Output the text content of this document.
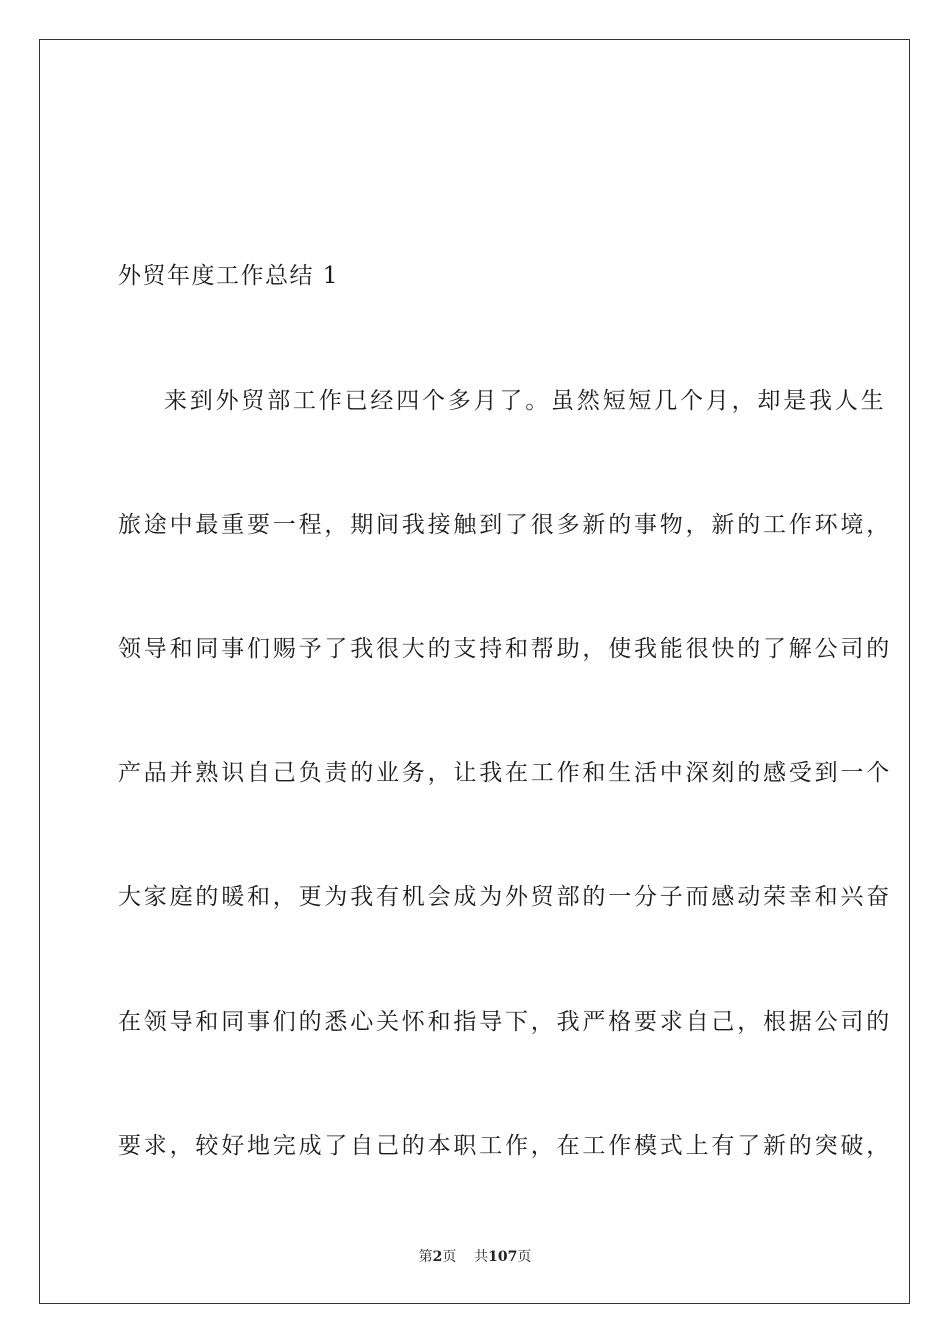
外贸年度工作总结 1
来到外贸部工作已经四个多月了。虽然短短几个月，却是我人生
旅途中最重要一程，期间我接触到了很多新的事物，新的工作环境，
领导和同事们赐予了我很大的支持和帮助，使我能很快的了解公司的
产品并熟识自己负责的业务，让我在工作和生活中深刻的感受到一个
大家庭的暖和，更为我有机会成为外贸部的一分子而感动荣幸和兴奋
在领导和同事们的悉心关怀和指导下，我严格要求自己，根据公司的
要求，较好地完成了自己的本职工作，在工作模式上有了新的突破，
第2页 共107页
